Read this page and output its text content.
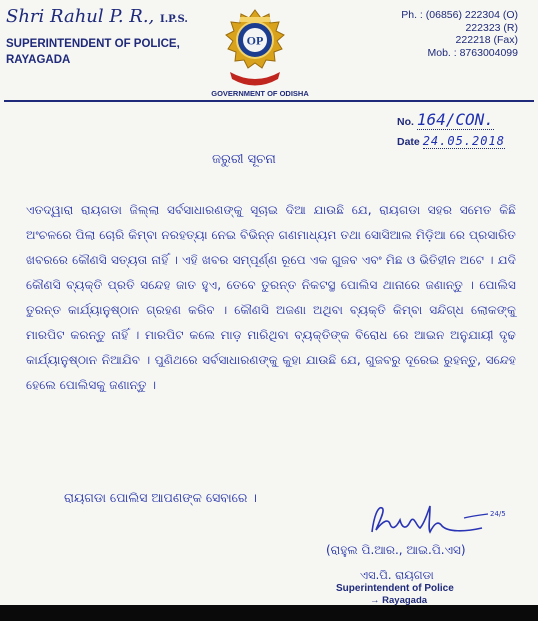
Shri Rahul P. R., I.P.S.
SUPERINTENDENT OF POLICE,
RAYAGADA
OP
GOVERNMENT OF ODISHA
Ph. : (06856) 222304 (O)
222323 (R)
222218 (Fax)
Mob. : 8763004099
No. 164/CON.
Date 24.05.2018
ଜରୁରୀ ସୂଚନା
ଏତଦ୍ୱାରା ରାୟଗଡା ଜିଲ୍ଲା ସର୍ବସାଧାରଣଙ୍କୁ ସୂଚାଇ ଦିଆ ଯାଉଛି ଯେ, ରାୟଗଡା ସହର ସମେତ କିଛି ଅଂଚଳରେ ପିଲା ଚୋରି କିମ୍ବା ନରହତ୍ୟା ନେଇ ବିଭିନ୍ନ ଗଣମାଧ୍ୟମ ତଥା ସୋସିଆଲ ମିଡ଼ିଆ ରେ ପ୍ରସାରିତ ଖବରରେ କୌଣସି ସତ୍ୟତା ନାହିଁ । ଏହି ଖବର ସମ୍ପୂର୍ଣ୍ଣ ରୂପେ ଏକ ଗୁଜବ ଏବଂ ମିଛ ଓ ଭିତିହୀନ ଅଟେ । ଯଦି କୌଣସି ବ୍ୟକ୍ତି ପ୍ରତି ସନ୍ଦେହ ଜାତ ହୁଏ, ତେବେ ତୁରନ୍ତ ନିକଟସ୍ଥ ପୋଲିସ ଥାନାରେ ଜଣାନ୍ତୁ । ପୋଲିସ ତୁରନ୍ତ କାର୍ଯ୍ୟାନୁଷ୍ଠାନ ଗ୍ରହଣ କରିବ । କୌଣସି ଅଜଣା ଅଥିବା ବ୍ୟକ୍ତି କିମ୍ବା ସନ୍ଦିଗ୍ଧ ଲୋକଙ୍କୁ ମାରପିଟ କରନ୍ତୁ ନାହିଁ । ମାରପିଟ କଲେ ମାଡ଼ ମାରିଥିବା ବ୍ୟକ୍ତିଙ୍କ ବିରୋଧ ରେ ଆଇନ ଅନୁଯାୟୀ ଦୃଢ କାର୍ଯ୍ୟାନୁଷ୍ଠାନ ନିଆଯିବ । ପୁଣିଥରେ ସର୍ବସାଧାରଣଙ୍କୁ କୁହା ଯାଉଛି ଯେ, ଗୁଜବରୁ ଦୂରେଇ ରୁହନ୍ତୁ, ସନ୍ଦେହ ହେଲେ ପୋଲିସକୁ ଜଣାନ୍ତୁ ।
ରାୟଗଡା ପୋଲିସ ଆପଣଙ୍କ ସେବାରେ ।
24/5
(ରାହୁଲ ପି.ଆର., ଆଇ.ପି.ଏସ)
ଏସ.ପି. ରାୟଗଡା
Superintendent of Police
→ Rayagada
